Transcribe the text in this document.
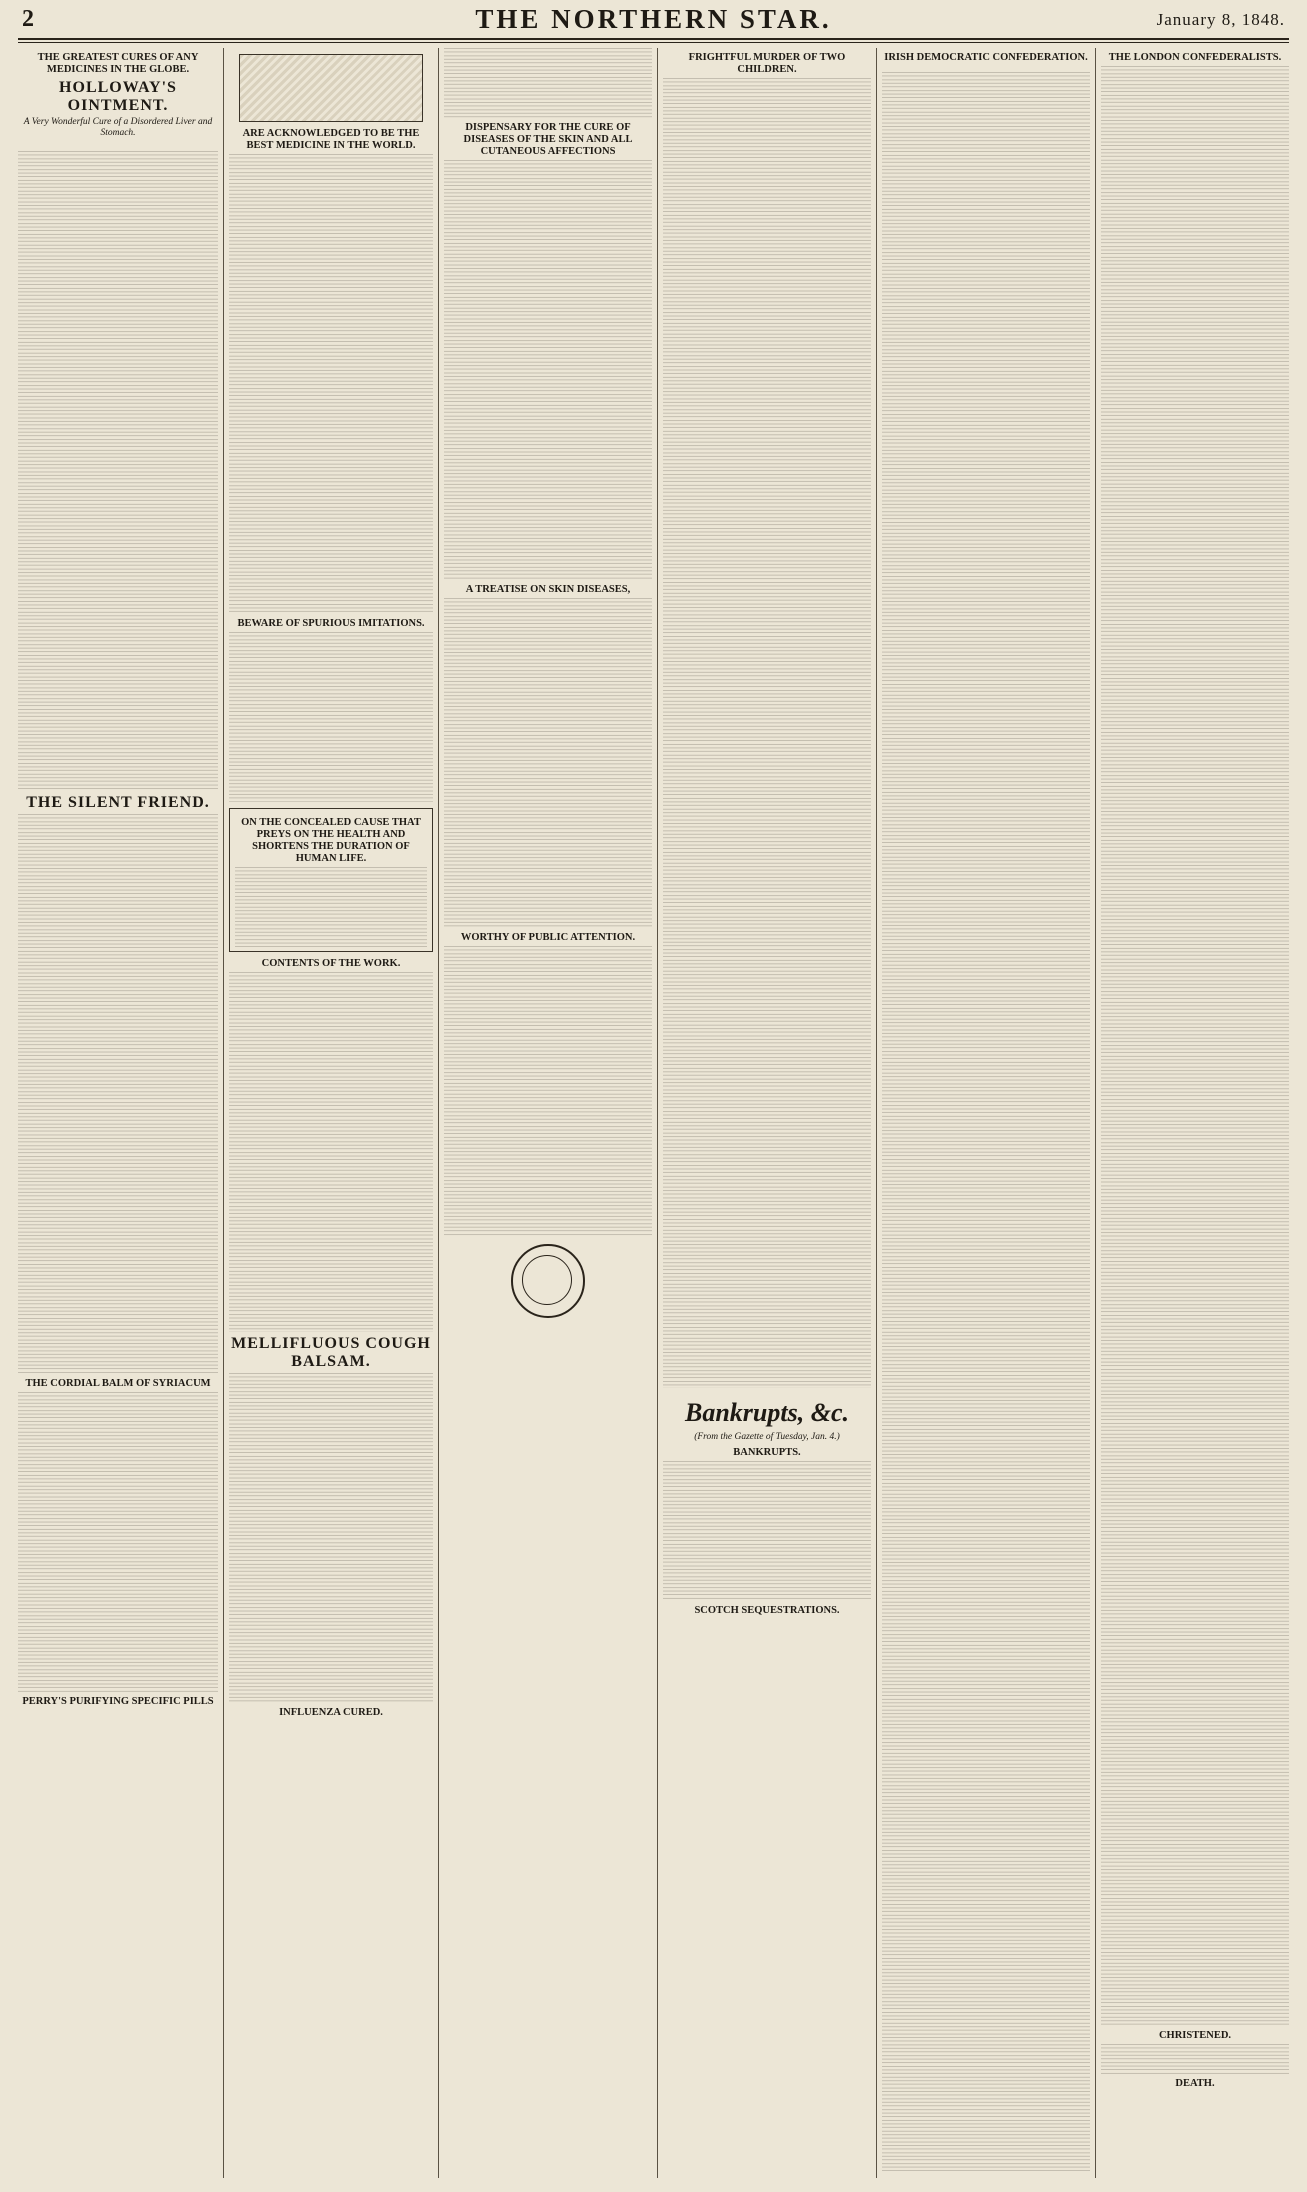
2	THE NORTHERN STAR.	January 8, 1848.
THE GREATEST CURES OF ANY MEDICINES IN THE GLOBE.
HOLLOWAY'S OINTMENT.
A Very Wonderful Cure of a Disordered Liver and Stomach.

THE SILENT FRIEND.
THE CORDIAL BALM OF SYRIACUM
PERRY'S PURIFYING SPECIFIC PILLS
ARE ACKNOWLEDGED TO BE THE BEST MEDICINE IN THE WORLD.
BEWARE OF SPURIOUS IMITATIONS.
ON THE CONCEALED CAUSE THAT PREYS ON THE HEALTH AND SHORTENS THE DURATION OF HUMAN LIFE.
CONTENTS OF THE WORK.
MELLIFLUOUS COUGH BALSAM.
INFLUENZA CURED.
DISPENSARY FOR THE CURE OF DISEASES OF THE SKIN AND ALL CUTANEOUS AFFECTIONS
A TREATISE ON SKIN DISEASES,
WORTHY OF PUBLIC ATTENTION.
FRIGHTFUL MURDER OF TWO CHILDREN.
Bankrupts, &c.
(From the Gazette of Tuesday, Jan. 4.)
BANKRUPTS.
SCOTCH SEQUESTRATIONS.
IRISH DEMOCRATIC CONFEDERATION.	THE LONDON CONFEDERALISTS.
CHRISTENED.
DEATH.
